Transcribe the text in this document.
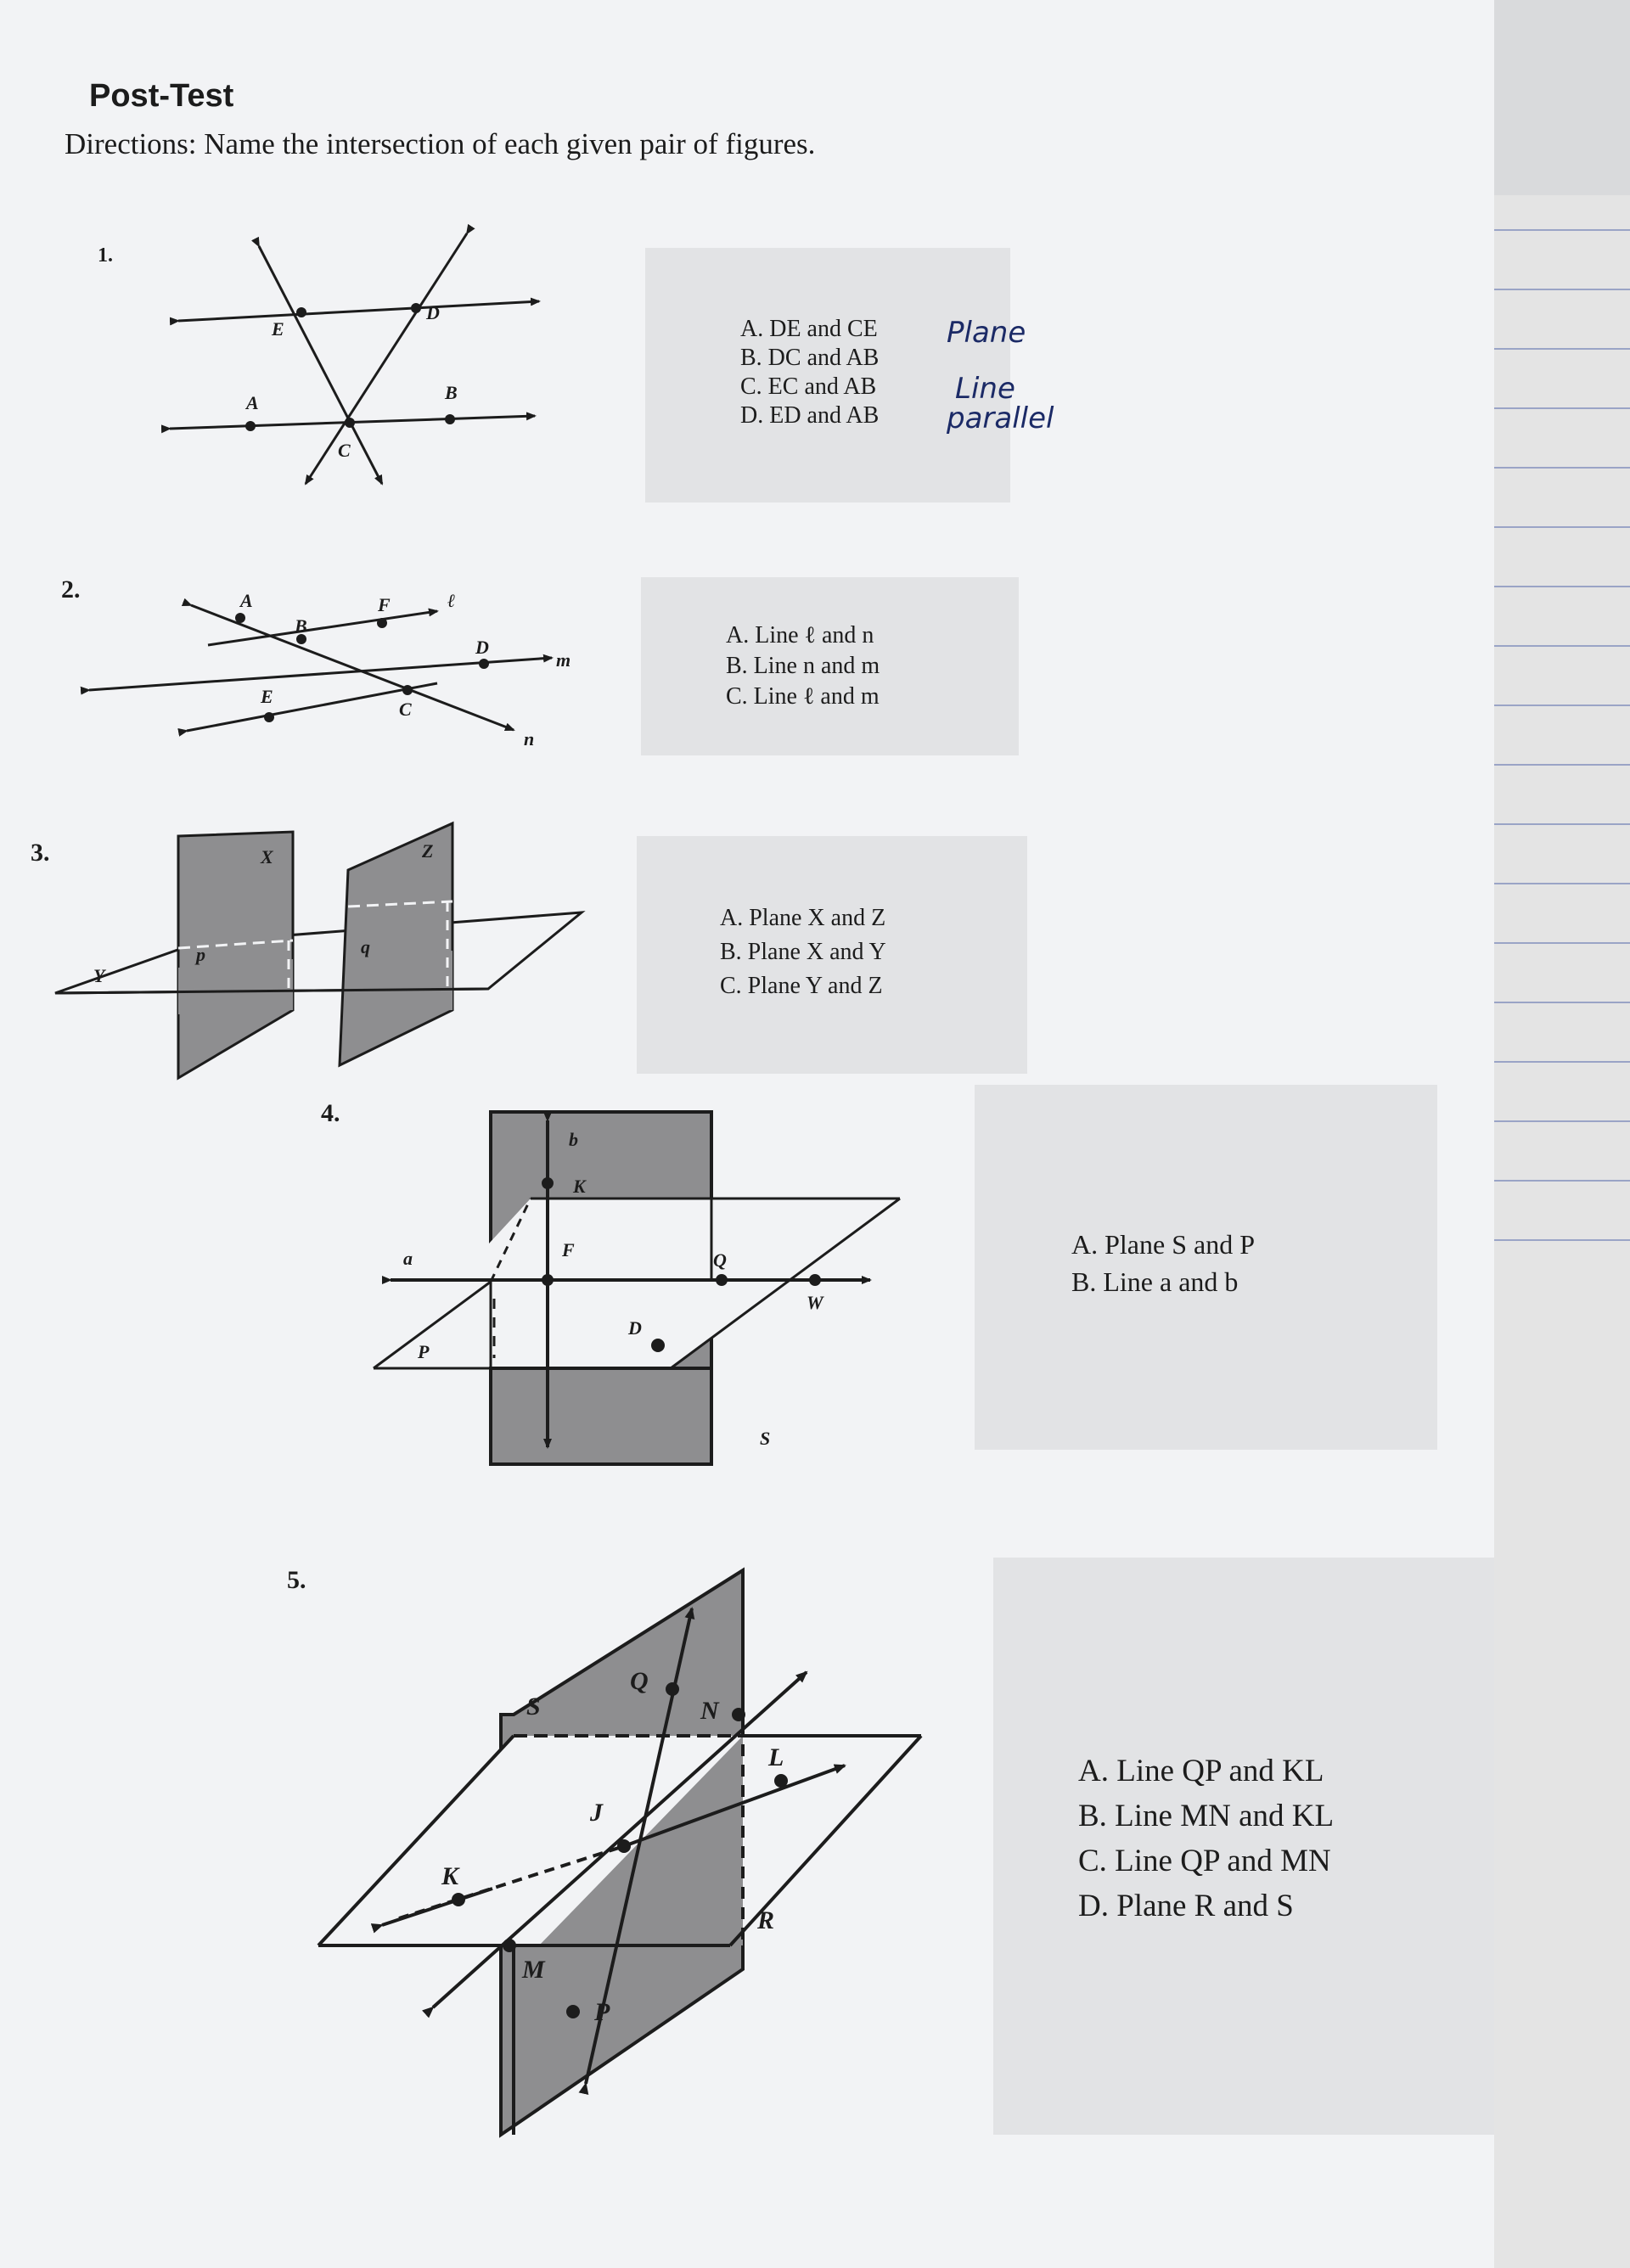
Post-Test
Directions: Name the intersection of each given pair of figures.
1.
E
D
A	B
C
A. DE and CE
B. DC and AB
C. EC and AB
D. ED and AB
Plane
Line
parallel
2.	A
B
F	ℓ
D
m
E
C
n
A. Line ℓ and n
B. Line n and m
C. Line ℓ and m
3.	X	Z
p	q
Y
A. Plane X and Z
B. Plane X and Y
C. Plane Y and Z
4.
b
K
F	Q
a
W
D
P
S
A. Plane S and P
B. Line a and b
5.
Q
S	N
L
J
K
R
M
P
A. Line QP and KL
B. Line MN and KL
C. Line QP and MN
D. Plane R and S
